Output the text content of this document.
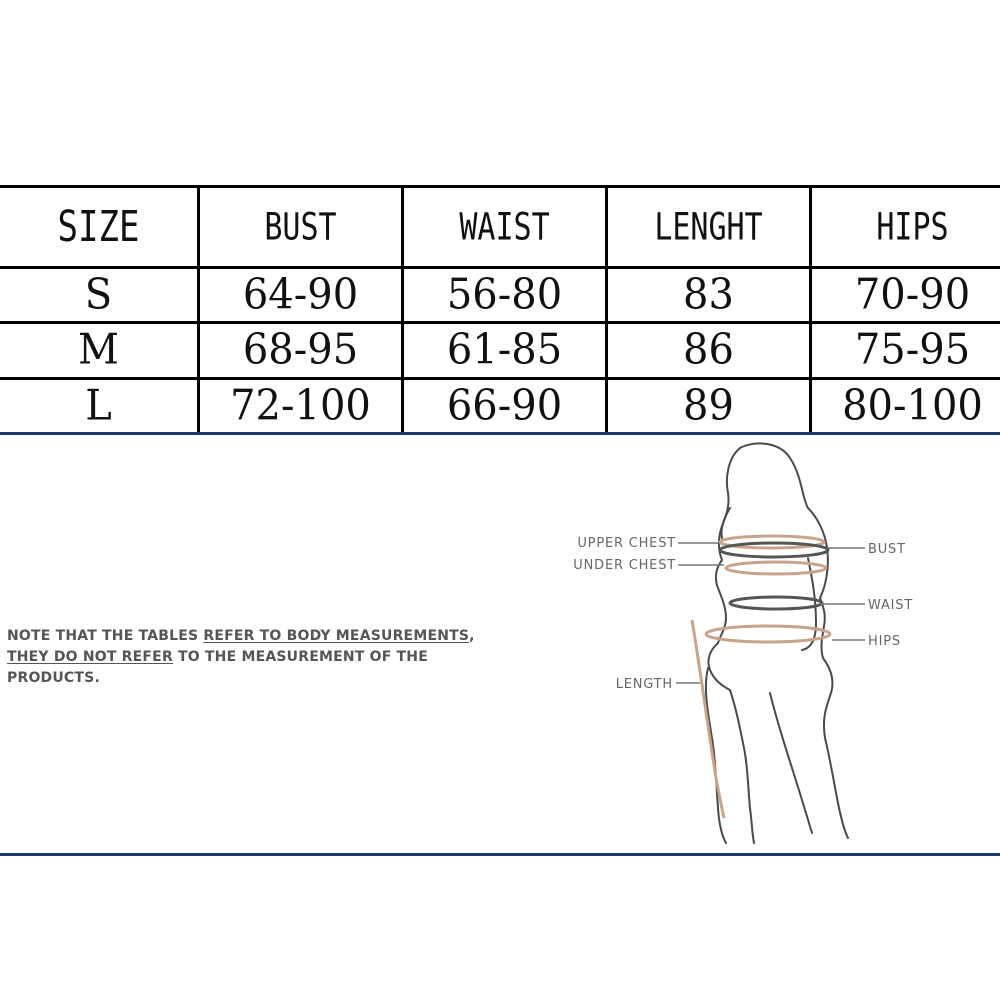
SIZE	BUST	WAIST	LENGHT	HIPS
S	64-90	56-80	83	70-90
M	68-95	61-85	86	75-95
L	72-100	66-90	89	80-100
NOTE THAT THE TABLES REFER TO BODY MEASUREMENTS, THEY DO NOT REFER TO THE MEASUREMENT OF THE PRODUCTS.
UPPER CHEST
UNDER CHEST
BUST
WAIST
HIPS
LENGTH
